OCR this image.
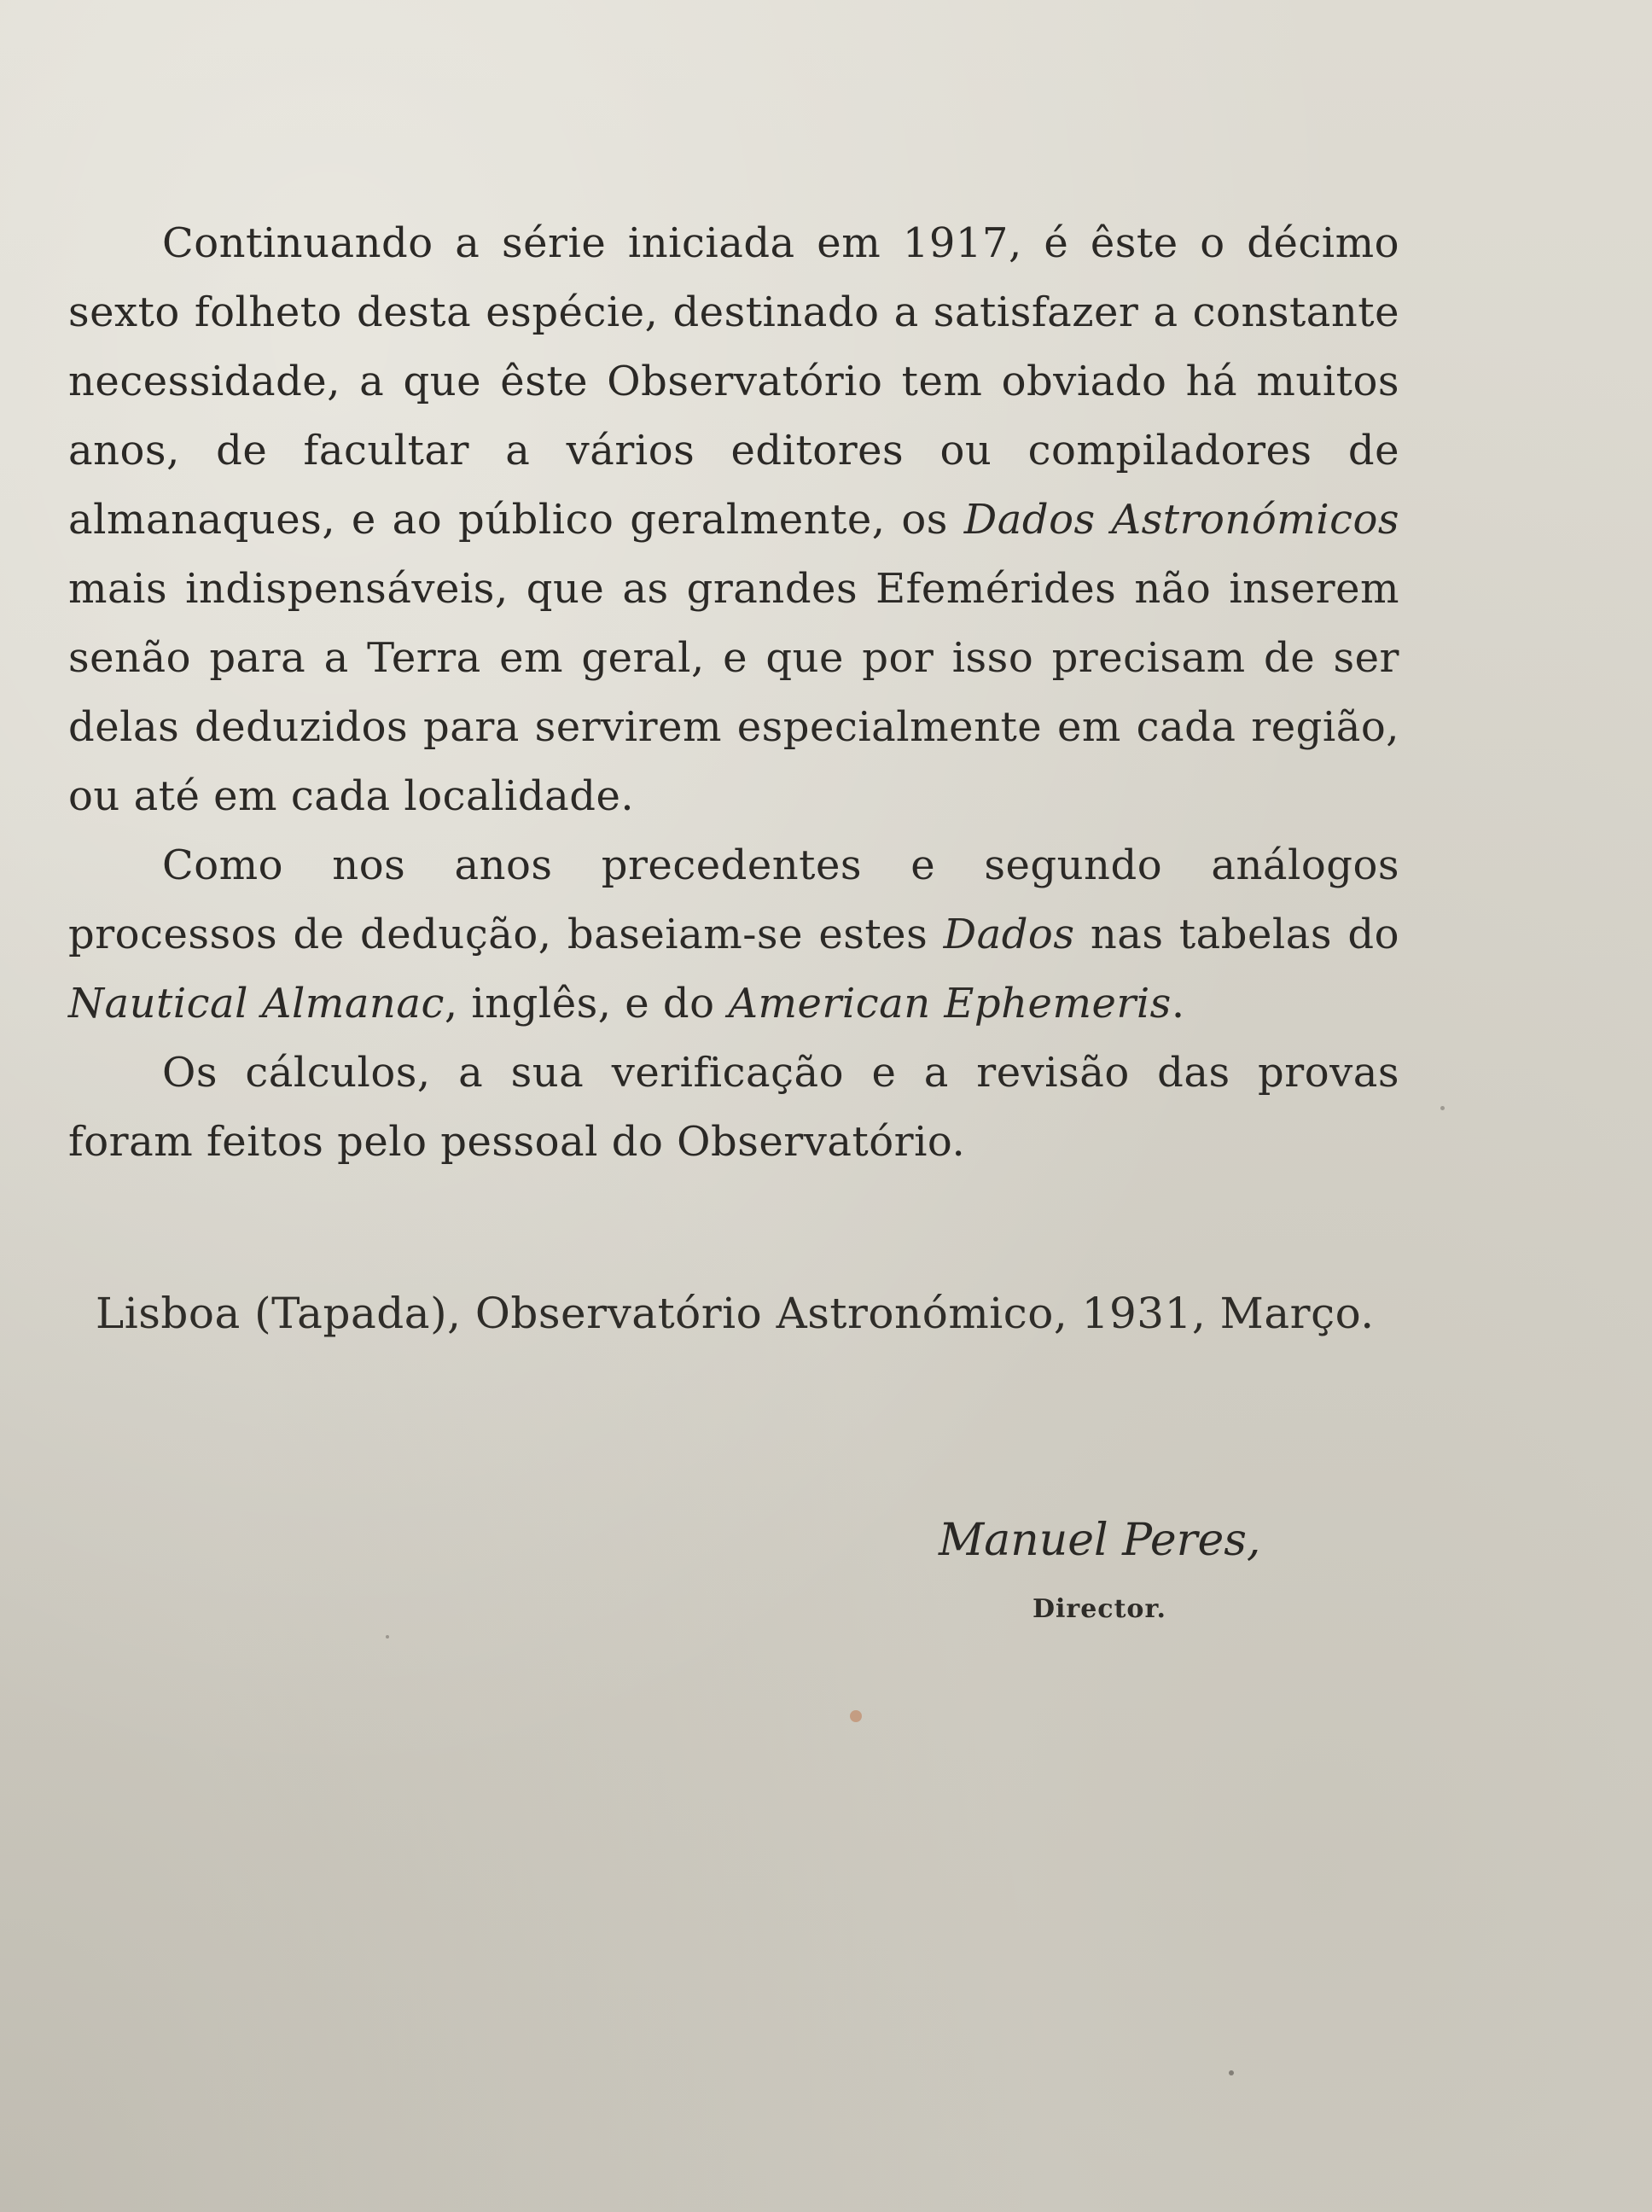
Continuando a série iniciada em 1917, é êste o décimo sexto folheto desta espécie, destinado a satisfazer a constante necessidade, a que êste Observatório tem obviado há muitos anos, de facultar a vários editores ou compiladores de almanaques, e ao público geralmente, os Dados Astronómicos mais indispensáveis, que as grandes Efemérides não inserem senão para a Terra em geral, e que por isso precisam de ser delas deduzidos para servirem especialmente em cada região, ou até em cada localidade.

Como nos anos precedentes e segundo análogos processos de dedução, baseiam-se estes Dados nas tabelas do Nautical Almanac, inglês, e do American Ephemeris.

Os cálculos, a sua verificação e a revisão das provas foram feitos pelo pessoal do Observatório.

Lisboa (Tapada), Observatório Astronómico, 1931, Março.
Manuel Peres,
Director.
